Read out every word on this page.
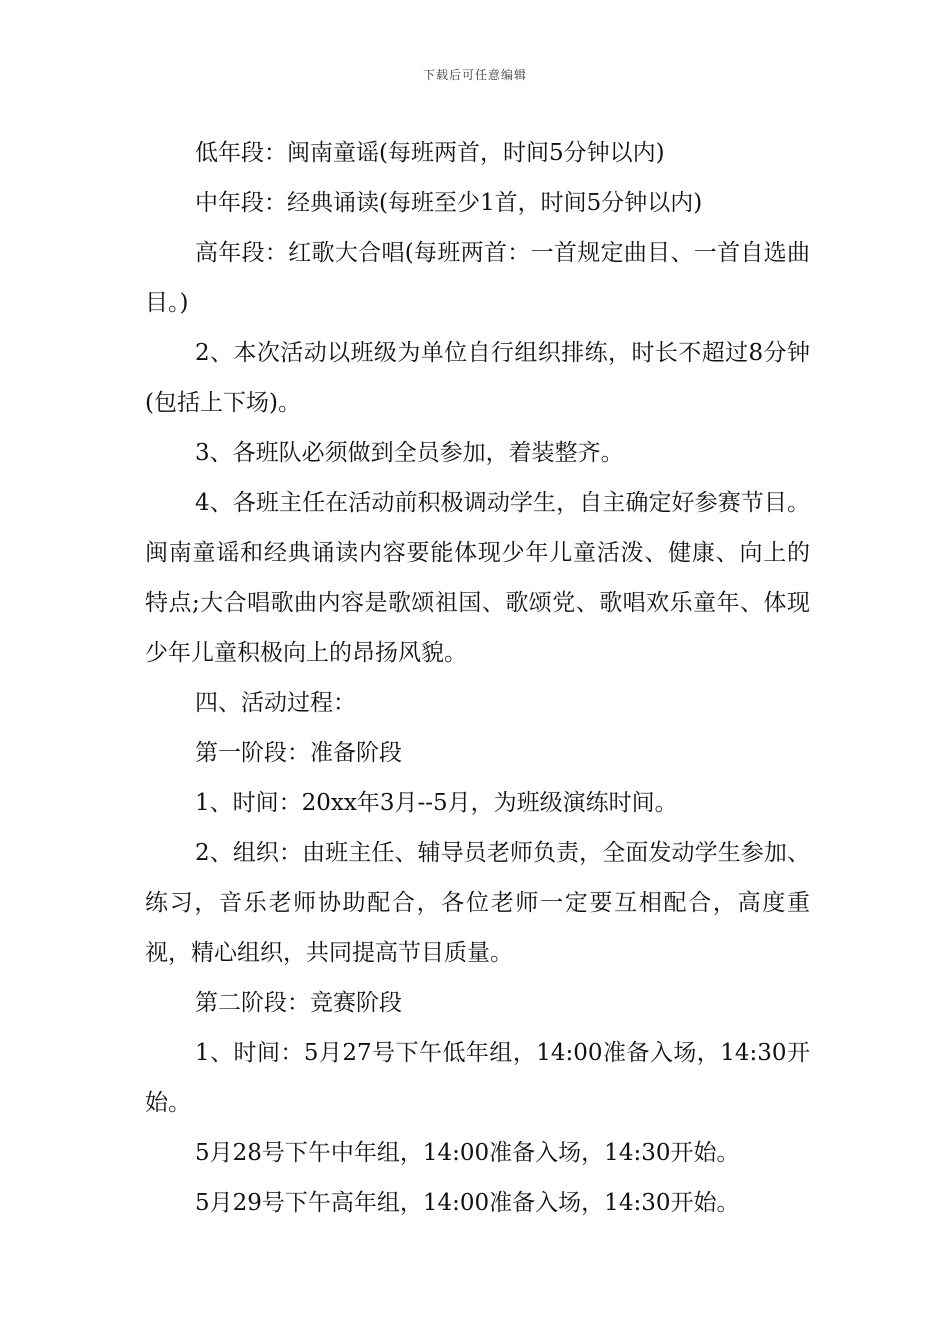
下载后可任意编辑

低年段：闽南童谣(每班两首，时间5分钟以内)

中年段：经典诵读(每班至少1首，时间5分钟以内)

高年段：红歌大合唱(每班两首：一首规定曲目、一首自选曲目。)

2、本次活动以班级为单位自行组织排练，时长不超过8分钟(包括上下场)。

3、各班队必须做到全员参加，着装整齐。

4、各班主任在活动前积极调动学生，自主确定好参赛节目。闽南童谣和经典诵读内容要能体现少年儿童活泼、健康、向上的特点;大合唱歌曲内容是歌颂祖国、歌颂党、歌唱欢乐童年、体现少年儿童积极向上的昂扬风貌。

四、活动过程：

第一阶段：准备阶段

1、时间：20xx年3月--5月，为班级演练时间。

2、组织：由班主任、辅导员老师负责，全面发动学生参加、练习，音乐老师协助配合，各位老师一定要互相配合，高度重视，精心组织，共同提高节目质量。

第二阶段：竞赛阶段

1、时间：5月27号下午低年组，14:00准备入场，14:30开始。

5月28号下午中年组，14:00准备入场，14:30开始。

5月29号下午高年组，14:00准备入场，14:30开始。
